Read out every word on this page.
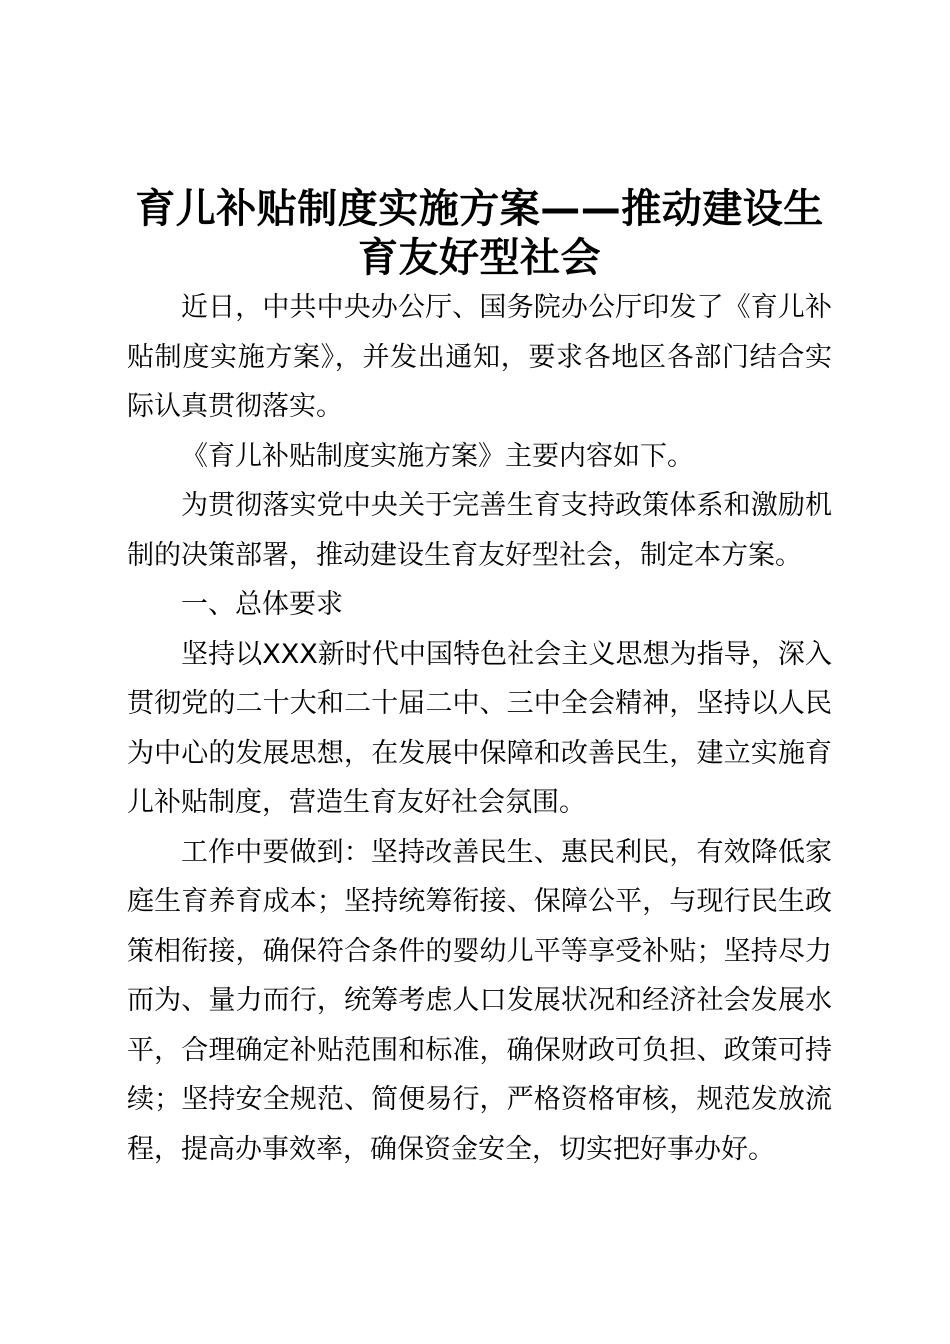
育儿补贴制度实施方案——推动建设生
育友好型社会

近日，中共中央办公厅、国务院办公厅印发了《育儿补贴制度实施方案》，并发出通知，要求各地区各部门结合实际认真贯彻落实。

《育儿补贴制度实施方案》主要内容如下。

为贯彻落实党中央关于完善生育支持政策体系和激励机制的决策部署，推动建设生育友好型社会，制定本方案。

一、总体要求

坚持以XXX新时代中国特色社会主义思想为指导，深入贯彻党的二十大和二十届二中、三中全会精神，坚持以人民为中心的发展思想，在发展中保障和改善民生，建立实施育儿补贴制度，营造生育友好社会氛围。

工作中要做到：坚持改善民生、惠民利民，有效降低家庭生育养育成本；坚持统筹衔接、保障公平，与现行民生政策相衔接，确保符合条件的婴幼儿平等享受补贴；坚持尽力而为、量力而行，统筹考虑人口发展状况和经济社会发展水平，合理确定补贴范围和标准，确保财政可负担、政策可持续；坚持安全规范、简便易行，严格资格审核，规范发放流程，提高办事效率，确保资金安全，切实把好事办好。
